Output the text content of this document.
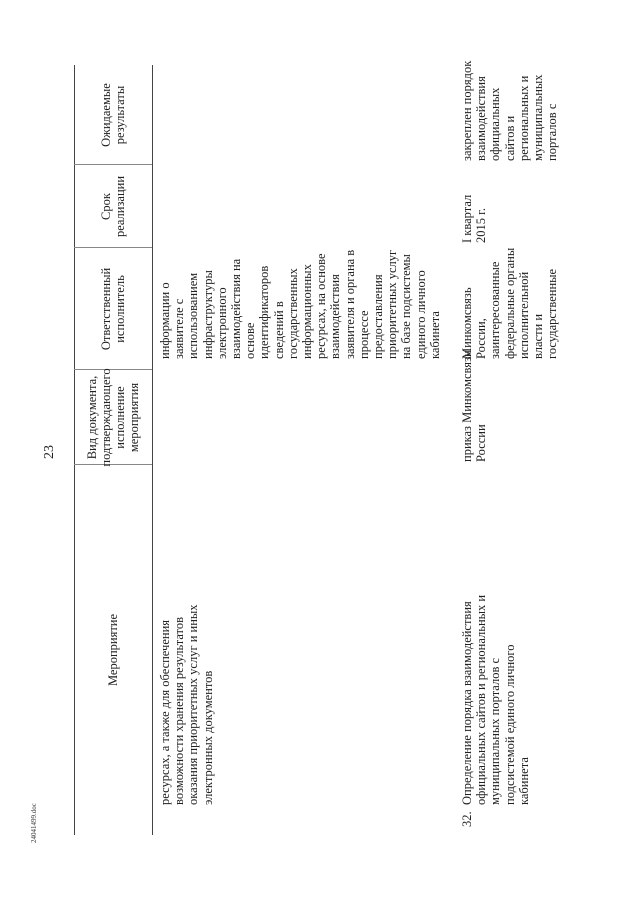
23
24041499.doc
Мероприятие
Вид документа, подтверждающего исполнение мероприятия
Ответственный исполнитель
Срок реализации
Ожидаемые результаты
ресурсах, а также для обеспечения
возможности хранения результатов
оказания приоритетных услуг и иных
электронных документов
информации о
заявителе с
использованием
инфраструктуры
электронного
взаимодействия на
основе
идентификаторов
сведений в
государственных
информационных
ресурсах, на основе
взаимодействия
заявителя и органа в
процессе
предоставления
приоритетных услуг
на базе подсистемы
единого личного
кабинета
32.
Определение порядка взаимодействия
официальных сайтов и региональных и
муниципальных порталов с
подсистемой единого личного
кабинета
приказ Минкомсвязи
России
Минкомсвязь
России,
заинтересованные
федеральные органы
исполнительной
власти и
государственные
I квартал
2015 г.
закреплен порядок
взаимодействия
официальных
сайтов и
региональных и
муниципальных
порталов с
